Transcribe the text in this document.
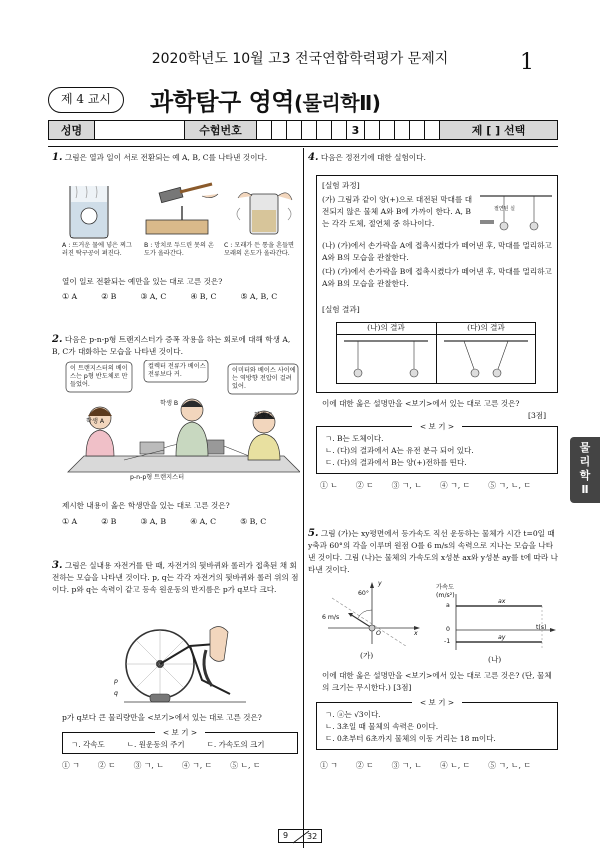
2020학년도 10월 고3 전국연합학력평가 문제지	1
제 4 교시	과학탐구 영역(물리학Ⅱ)
성명	수험번호	3	제 [ ] 선택
1. 그림은 열과 일이 서로 전환되는 예 A, B, C를 나타낸 것이다.
A : 뜨거운 물에 넣은 찌그러진 탁구공이 펴진다.
B : 망치로 두드린 못의 온도가 올라간다.
C : 모래가 든 통을 흔들면 모래의 온도가 올라간다.
열이 일로 전환되는 예만을 있는 대로 고른 것은?
① A	② B	③ A, C	④ B, C	⑤ A, B, C
2. 다음은 p-n-p형 트랜지스터가 증폭 작용을 하는 회로에 대해 학생 A, B, C가 대화하는 모습을 나타낸 것이다.
이 트랜지스터의 베이스는 p형 반도체로 만들었어.
컬렉터 전류가 베이스 전류보다 커.
이미터와 베이스 사이에는 역방향 전압이 걸려 있어.
학생 A
학생 B
학생 C
p-n-p형 트랜지스터
제시한 내용이 옳은 학생만을 있는 대로 고른 것은?
① A	② B	③ A, B	④ A, C	⑤ B, C
3. 그림은 실내용 자전거를 탄 때, 자전거의 뒷바퀴와 롤러가 접촉된 채 회전하는 모습을 나타낸 것이다. p, q는 각각 자전거의 뒷바퀴와 롤러 위의 점이다. p와 q는 속력이 같고 등속 원운동의 반지름은 p가 q보다 크다.
p
q
p가 q보다 큰 물리량만을 <보기>에서 있는 대로 고른 것은?
< 보 기 >
ㄱ. 각속도	ㄴ. 원운동의 주기	ㄷ. 가속도의 크기
① ㄱ ② ㄷ ③ ㄱ, ㄴ ④ ㄱ, ㄷ ⑤ ㄴ, ㄷ
4. 다음은 정전기에 대한 실험이다.
[실험 과정]
(가) 그림과 같이 양(+)으로 대전된 막대를 대전되지 않은 물체 A와 B에 가까이 한다. A, B는 각각 도체, 절연체 중 하나이다.
절연된 실
(나) (가)에서 손가락을 A에 접촉시켰다가 떼어낸 후, 막대를 멀리하고 A와 B의 모습을 관찰한다.
(다) (가)에서 손가락을 B에 접촉시켰다가 떼어낸 후, 막대를 멀리하고 A와 B의 모습을 관찰한다.
[실험 결과]
(나)의 결과	(다)의 결과
이에 대한 옳은 설명만을 <보기>에서 있는 대로 고른 것은?
[3점]
< 보 기 >
ㄱ. B는 도체이다.
ㄴ. (다)의 결과에서 A는 유전 분극 되어 있다.
ㄷ. (다)의 결과에서 B는 양(+)전하를 띤다.
① ㄴ ② ㄷ ③ ㄱ, ㄴ ④ ㄱ, ㄷ ⑤ ㄱ, ㄴ, ㄷ
5. 그림 (가)는 xy평면에서 등가속도 직선 운동하는 물체가 시간 t=0일 때 y축과 60°의 각을 이루며 원점 O를 6 m/s의 속력으로 지나는 모습을 나타낸 것이다. 그림 (나)는 물체의 가속도의 x성분 ax와 y성분 ay를 t에 따라 나타낸 것이다.
60°
6 m/s
y
x
O
(가)
가속도
(m/s²)
ax
ay
t(s)
a
0
-1
(나)
이에 대한 옳은 설명만을 <보기>에서 있는 대로 고른 것은? (단, 물체의 크기는 무시한다.) [3점]
< 보 기 >
ㄱ. ⓐ는 √3이다.
ㄴ. 3초일 때 물체의 속력은 0이다.
ㄷ. 0초부터 6초까지 물체의 이동 거리는 18 m이다.
① ㄱ ② ㄷ ③ ㄱ, ㄴ ④ ㄴ, ㄷ ⑤ ㄱ, ㄴ, ㄷ
물
리
학
Ⅱ
9 32
